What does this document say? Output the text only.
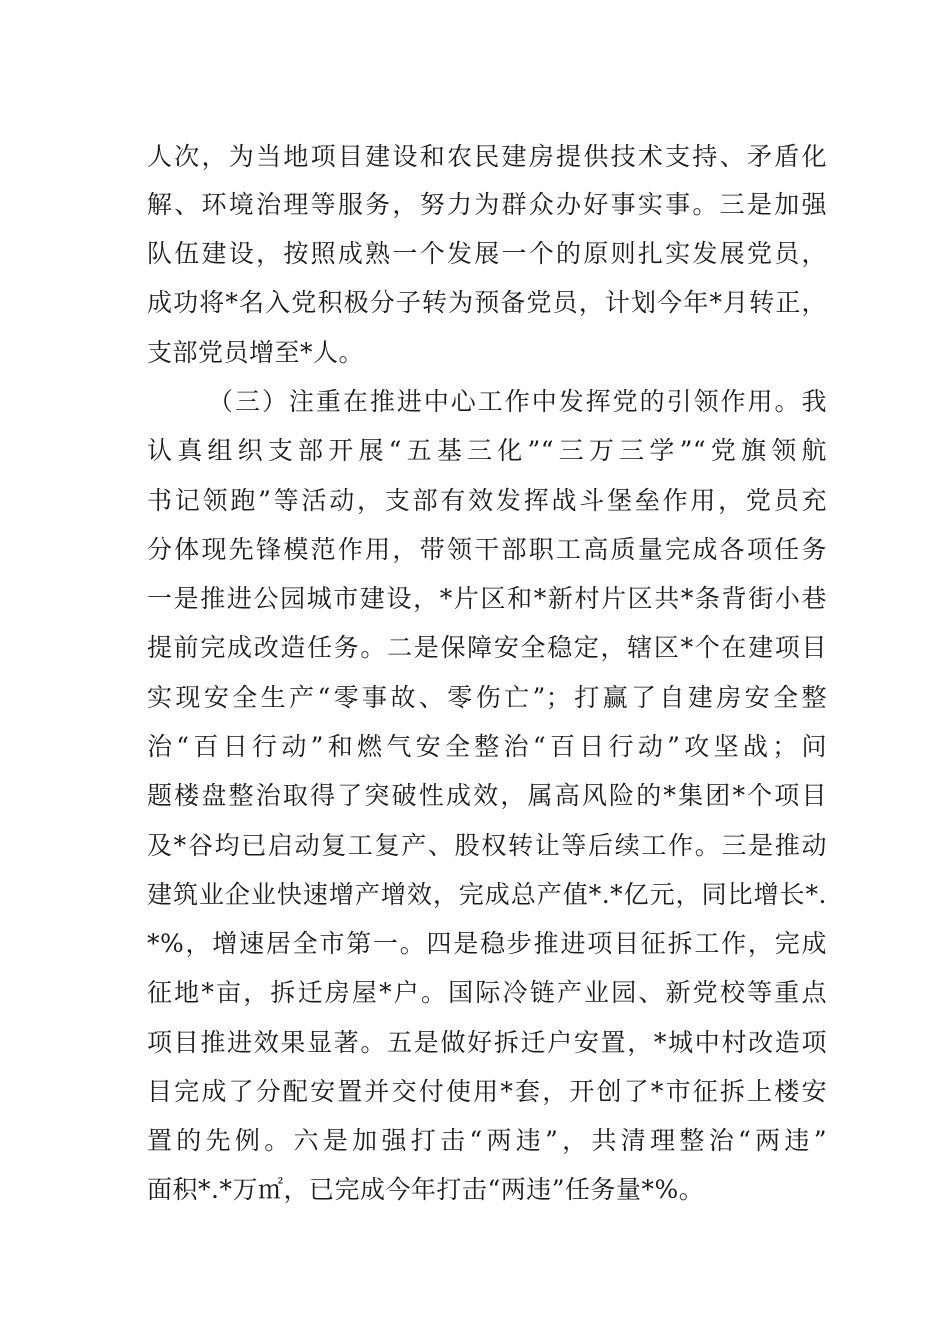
人次，为当地项目建设和农民建房提供技术支持、矛盾化
解、环境治理等服务，努力为群众办好事实事。三是加强
队伍建设，按照成熟一个发展一个的原则扎实发展党员，
成功将*名入党积极分子转为预备党员，计划今年*月转正，
支部党员增至*人。
（三）注重在推进中心工作中发挥党的引领作用。我
认真组织支部开展“五基三化”“三万三学”“党旗领航
书记领跑”等活动，支部有效发挥战斗堡垒作用，党员充
分体现先锋模范作用，带领干部职工高质量完成各项任务
一是推进公园城市建设，*片区和*新村片区共*条背街小巷
提前完成改造任务。二是保障安全稳定，辖区*个在建项目
实现安全生产“零事故、零伤亡”；打赢了自建房安全整
治“百日行动”和燃气安全整治“百日行动”攻坚战；问
题楼盘整治取得了突破性成效，属高风险的*集团*个项目
及*谷均已启动复工复产、股权转让等后续工作。三是推动
建筑业企业快速增产增效，完成总产值*.*亿元，同比增长*.
*%，增速居全市第一。四是稳步推进项目征拆工作，完成
征地*亩，拆迁房屋*户。国际冷链产业园、新党校等重点
项目推进效果显著。五是做好拆迁户安置，*城中村改造项
目完成了分配安置并交付使用*套，开创了*市征拆上楼安
置的先例。六是加强打击“两违”，共清理整治“两违”
面积*.*万㎡，已完成今年打击“两违”任务量*%。
